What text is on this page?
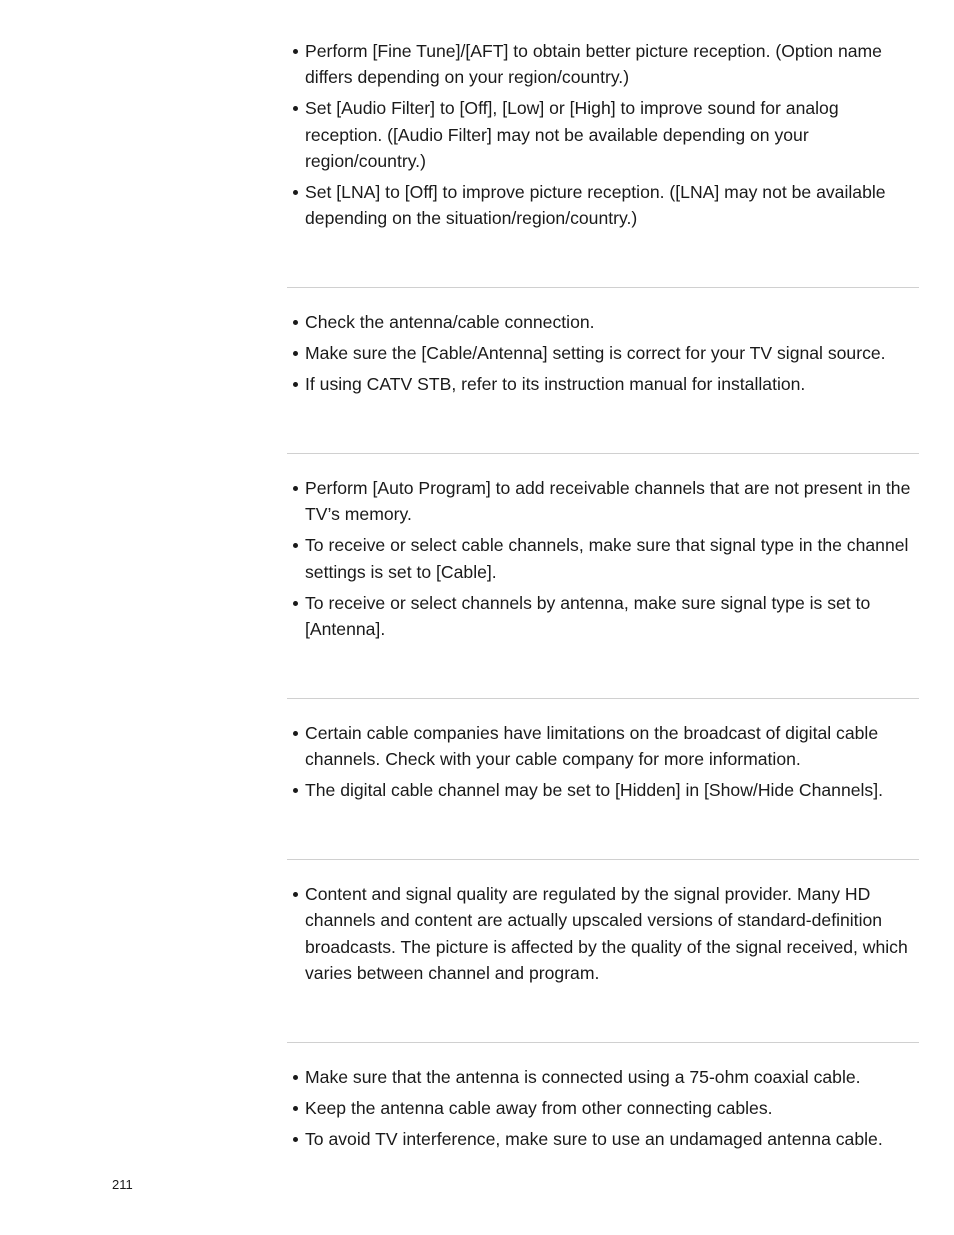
Perform [Fine Tune]/[AFT] to obtain better picture reception. (Option name differs depending on your region/country.)
Set [Audio Filter] to [Off], [Low] or [High] to improve sound for analog reception. ([Audio Filter] may not be available depending on your region/country.)
Set [LNA] to [Off] to improve picture reception. ([LNA] may not be available depending on the situation/region/country.)
Check the antenna/cable connection.
Make sure the [Cable/Antenna] setting is correct for your TV signal source.
If using CATV STB, refer to its instruction manual for installation.
Perform [Auto Program] to add receivable channels that are not present in the TV’s memory.
To receive or select cable channels, make sure that signal type in the channel settings is set to [Cable].
To receive or select channels by antenna, make sure signal type is set to [Antenna].
Certain cable companies have limitations on the broadcast of digital cable channels. Check with your cable company for more information.
The digital cable channel may be set to [Hidden] in [Show/Hide Channels].
Content and signal quality are regulated by the signal provider. Many HD channels and content are actually upscaled versions of standard-definition broadcasts. The picture is affected by the quality of the signal received, which varies between channel and program.
Make sure that the antenna is connected using a 75-ohm coaxial cable.
Keep the antenna cable away from other connecting cables.
To avoid TV interference, make sure to use an undamaged antenna cable.
211
